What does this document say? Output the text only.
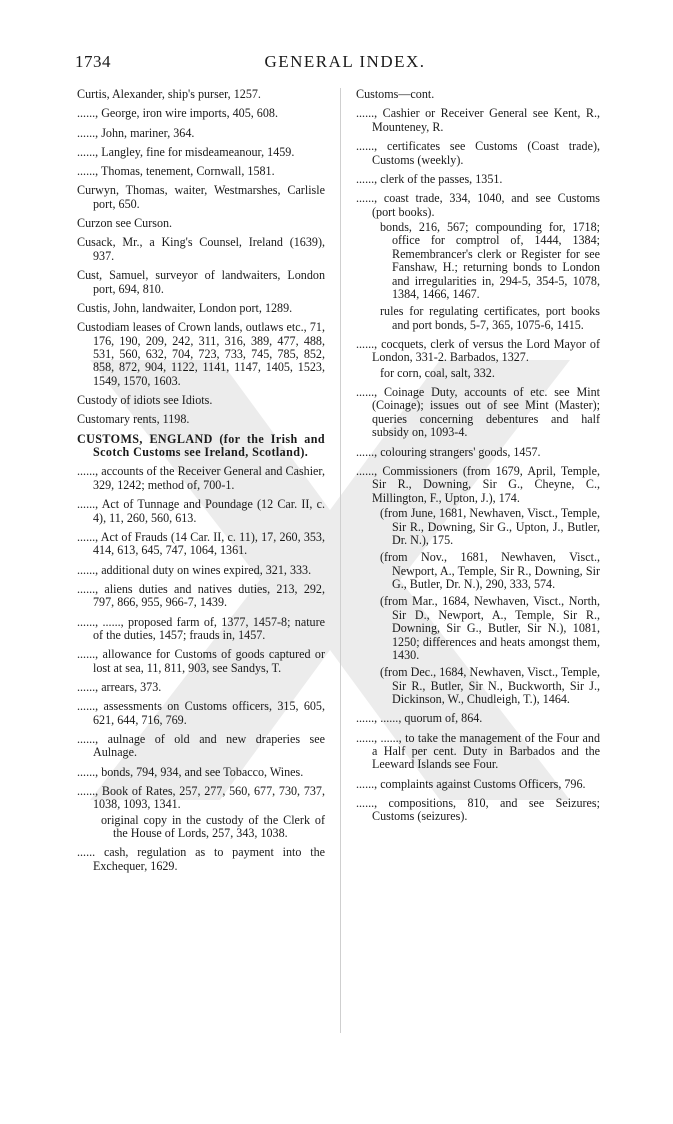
1734	GENERAL INDEX.
Curtis, Alexander, ship's purser, 1257.
......, George, iron wire imports, 405, 608.
......, John, mariner, 364.
......, Langley, fine for misdeameanour, 1459.
......, Thomas, tenement, Cornwall, 1581.
Curwyn, Thomas, waiter, Westmarshes, Carlisle port, 650.
Curzon see Curson.
Cusack, Mr., a King's Counsel, Ireland (1639), 937.
Cust, Samuel, surveyor of landwaiters, London port, 694, 810.
Custis, John, landwaiter, London port, 1289.
Custodiam leases of Crown lands, outlaws etc., 71, 176, 190, 209, 242, 311, 316, 389, 477, 488, 531, 560, 632, 704, 723, 733, 745, 785, 852, 858, 872, 904, 1122, 1141, 1147, 1405, 1523, 1549, 1570, 1603.
Custody of idiots see Idiots.
Customary rents, 1198.
CUSTOMS, ENGLAND (for the Irish and Scotch Customs see Ireland, Scotland).
......, accounts of the Receiver General and Cashier, 329, 1242; method of, 700-1.
......, Act of Tunnage and Poundage (12 Car. II, c. 4), 11, 260, 560, 613.
......, Act of Frauds (14 Car. II, c. 11), 17, 260, 353, 414, 613, 645, 747, 1064, 1361.
......, additional duty on wines expired, 321, 333.
......, aliens duties and natives duties, 213, 292, 797, 866, 955, 966-7, 1439.
......, ......, proposed farm of, 1377, 1457-8; nature of the duties, 1457; frauds in, 1457.
......, allowance for Customs of goods captured or lost at sea, 11, 811, 903, see Sandys, T.
......, arrears, 373.
......, assessments on Customs officers, 315, 605, 621, 644, 716, 769.
......, aulnage of old and new draperies see Aulnage.
......, bonds, 794, 934, and see Tobacco, Wines.
......, Book of Rates, 257, 277, 560, 677, 730, 737, 1038, 1093, 1341.
original copy in the custody of the Clerk of the House of Lords, 257, 343, 1038.
...... cash, regulation as to payment into the Exchequer, 1629.
Customs—cont.
......, Cashier or Receiver General see Kent, R., Mounteney, R.
......, certificates see Customs (Coast trade), Customs (weekly).
......, clerk of the passes, 1351.
......, coast trade, 334, 1040, and see Customs (port books).
bonds, 216, 567; compounding for, 1718; office for comptrol of, 1444, 1384; Remembrancer's clerk or Register for see Fanshaw, H.; returning bonds to London and irregularities in, 294-5, 354-5, 1078, 1384, 1466, 1467.
rules for regulating certificates, port books and port bonds, 5-7, 365, 1075-6, 1415.
......, cocquets, clerk of versus the Lord Mayor of London, 331-2. Barbados, 1327.
for corn, coal, salt, 332.
......, Coinage Duty, accounts of etc. see Mint (Coinage); issues out of see Mint (Master); queries concerning debentures and half subsidy on, 1093-4.
......, colouring strangers' goods, 1457.
......, Commissioners (from 1679, April, Temple, Sir R., Downing, Sir G., Cheyne, C., Millington, F., Upton, J.), 174.
(from June, 1681, Newhaven, Visct., Temple, Sir R., Downing, Sir G., Upton, J., Butler, Dr. N.), 175.
(from Nov., 1681, Newhaven, Visct., Newport, A., Temple, Sir R., Downing, Sir G., Butler, Dr. N.), 290, 333, 574.
(from Mar., 1684, Newhaven, Visct., North, Sir D., Newport, A., Temple, Sir R., Downing, Sir G., Butler, Sir N.), 1081, 1250; differences and heats amongst them, 1430.
(from Dec., 1684, Newhaven, Visct., Temple, Sir R., Butler, Sir N., Buckworth, Sir J., Dickinson, W., Chudleigh, T.), 1464.
......, ......, quorum of, 864.
......, ......, to take the management of the Four and a Half per cent. Duty in Barbados and the Leeward Islands see Four.
......, complaints against Customs Officers, 796.
......, compositions, 810, and see Seizures; Customs (seizures).
